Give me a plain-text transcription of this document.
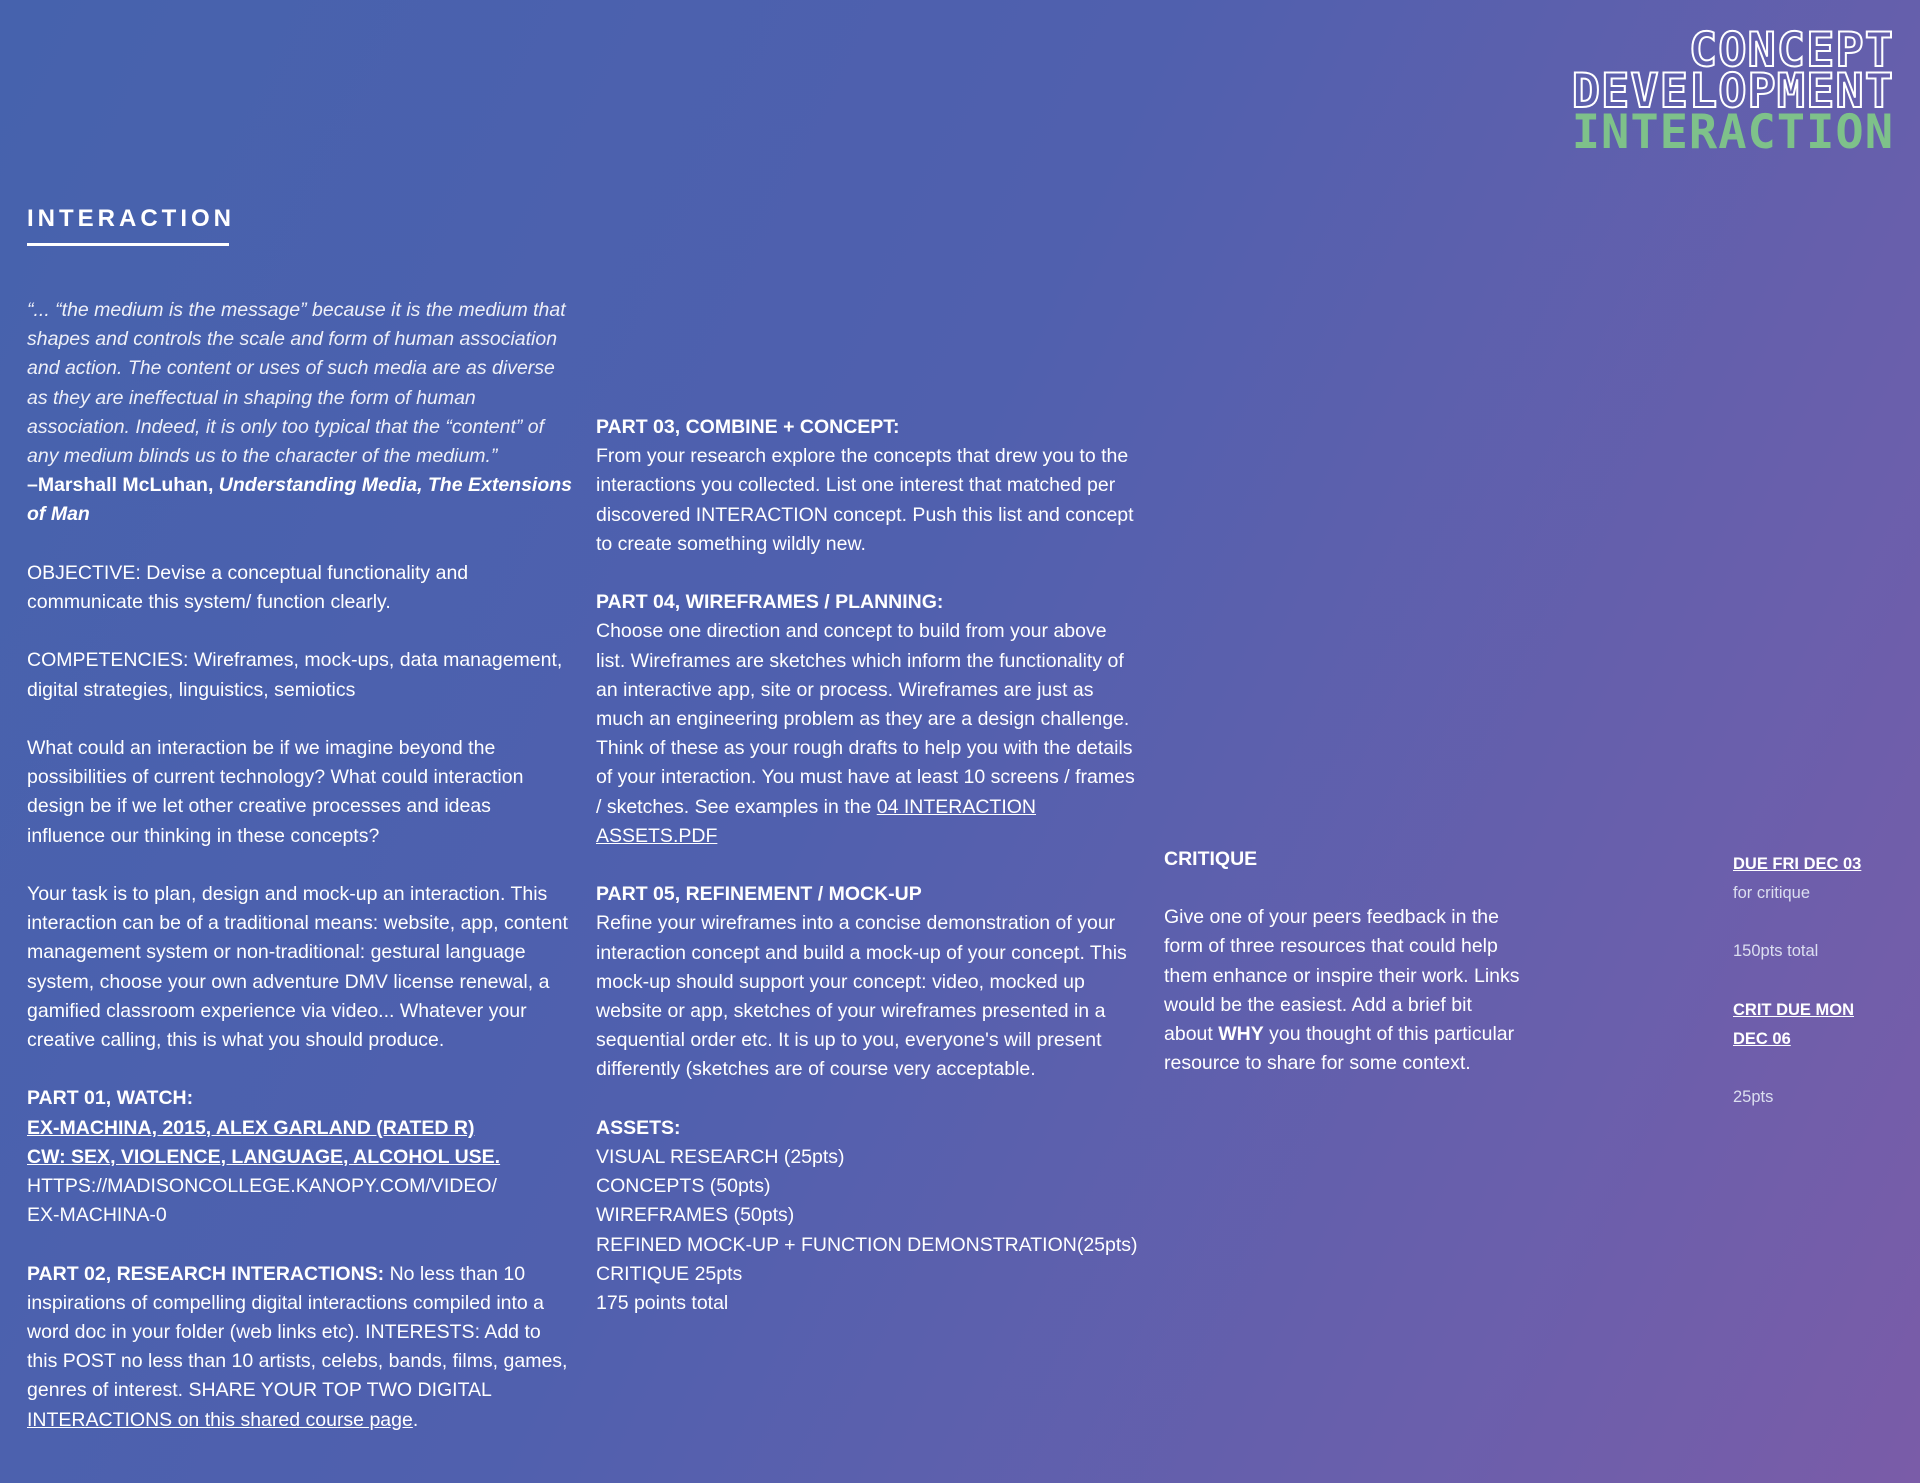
CONCEPT
DEVELOPMENT
INTERACTION
INTERACTION

“... “the medium is the message” because it is the medium that shapes and controls the scale and form of human association and action. The content or uses of such media are as diverse as they are ineffectual in shaping the form of human association. Indeed, it is only too typical that the “content” of any medium blinds us to the character of the medium.”

–Marshall McLuhan, Understanding Media, The Extensions of Man

OBJECTIVE: Devise a conceptual functionality and communicate this system/ function clearly.

COMPETENCIES: Wireframes, mock-ups, data management, digital strategies, linguistics, semiotics

What could an interaction be if we imagine beyond the possibilities of current technology? What could interaction design be if we let other creative processes and ideas influence our thinking in these concepts?

Your task is to plan, design and mock-up an interaction. This interaction can be of a traditional means: website, app, content management system or non-traditional: gestural language system, choose your own adventure DMV license renewal, a gamified classroom experience via video... Whatever your creative calling, this is what you should produce.

PART 01, WATCH:
EX-MACHINA, 2015, ALEX GARLAND (RATED R)
CW: SEX, VIOLENCE, LANGUAGE, ALCOHOL USE.
HTTPS://MADISONCOLLEGE.KANOPY.COM/VIDEO/
EX-MACHINA-0

PART 02, RESEARCH INTERACTIONS: No less than 10 inspirations of compelling digital interactions compiled into a word doc in your folder (web links etc). INTERESTS: Add to this POST no less than 10 artists, celebs, bands, films, games, genres of interest. SHARE YOUR TOP TWO DIGITAL INTERACTIONS on this shared course page.

PART 03, COMBINE + CONCEPT:
From your research explore the concepts that drew you to the interactions you collected. List one interest that matched per discovered INTERACTION concept. Push this list and concept to create something wildly new.
PART 04, WIREFRAMES / PLANNING:
Choose one direction and concept to build from your above list. Wireframes are sketches which inform the functionality of an interactive app, site or process. Wireframes are just as much an engineering problem as they are a design challenge. Think of these as your rough drafts to help you with the details of your interaction. You must have at least 10 screens / frames / sketches. See examples in the 04 INTERACTION ASSETS.PDF
PART 05, REFINEMENT / MOCK-UP
Refine your wireframes into a concise demonstration of your interaction concept and build a mock-up of your concept. This mock-up should support your concept: video, mocked up website or app, sketches of your wireframes presented in a sequential order etc. It is up to you, everyone's will present differently (sketches are of course very acceptable.
ASSETS:
VISUAL RESEARCH (25pts)
CONCEPTS (50pts)
WIREFRAMES (50pts)
REFINED MOCK-UP + FUNCTION DEMONSTRATION(25pts)
CRITIQUE 25pts
175 points total
CRITIQUE

Give one of your peers feedback in the form of three resources that could help them enhance or inspire their work. Links would be the easiest. Add a brief bit about WHY you thought of this particular resource to share for some context.

DUE FRI DEC 03
for critique
150pts total
CRIT DUE MON
DEC 06
25pts
